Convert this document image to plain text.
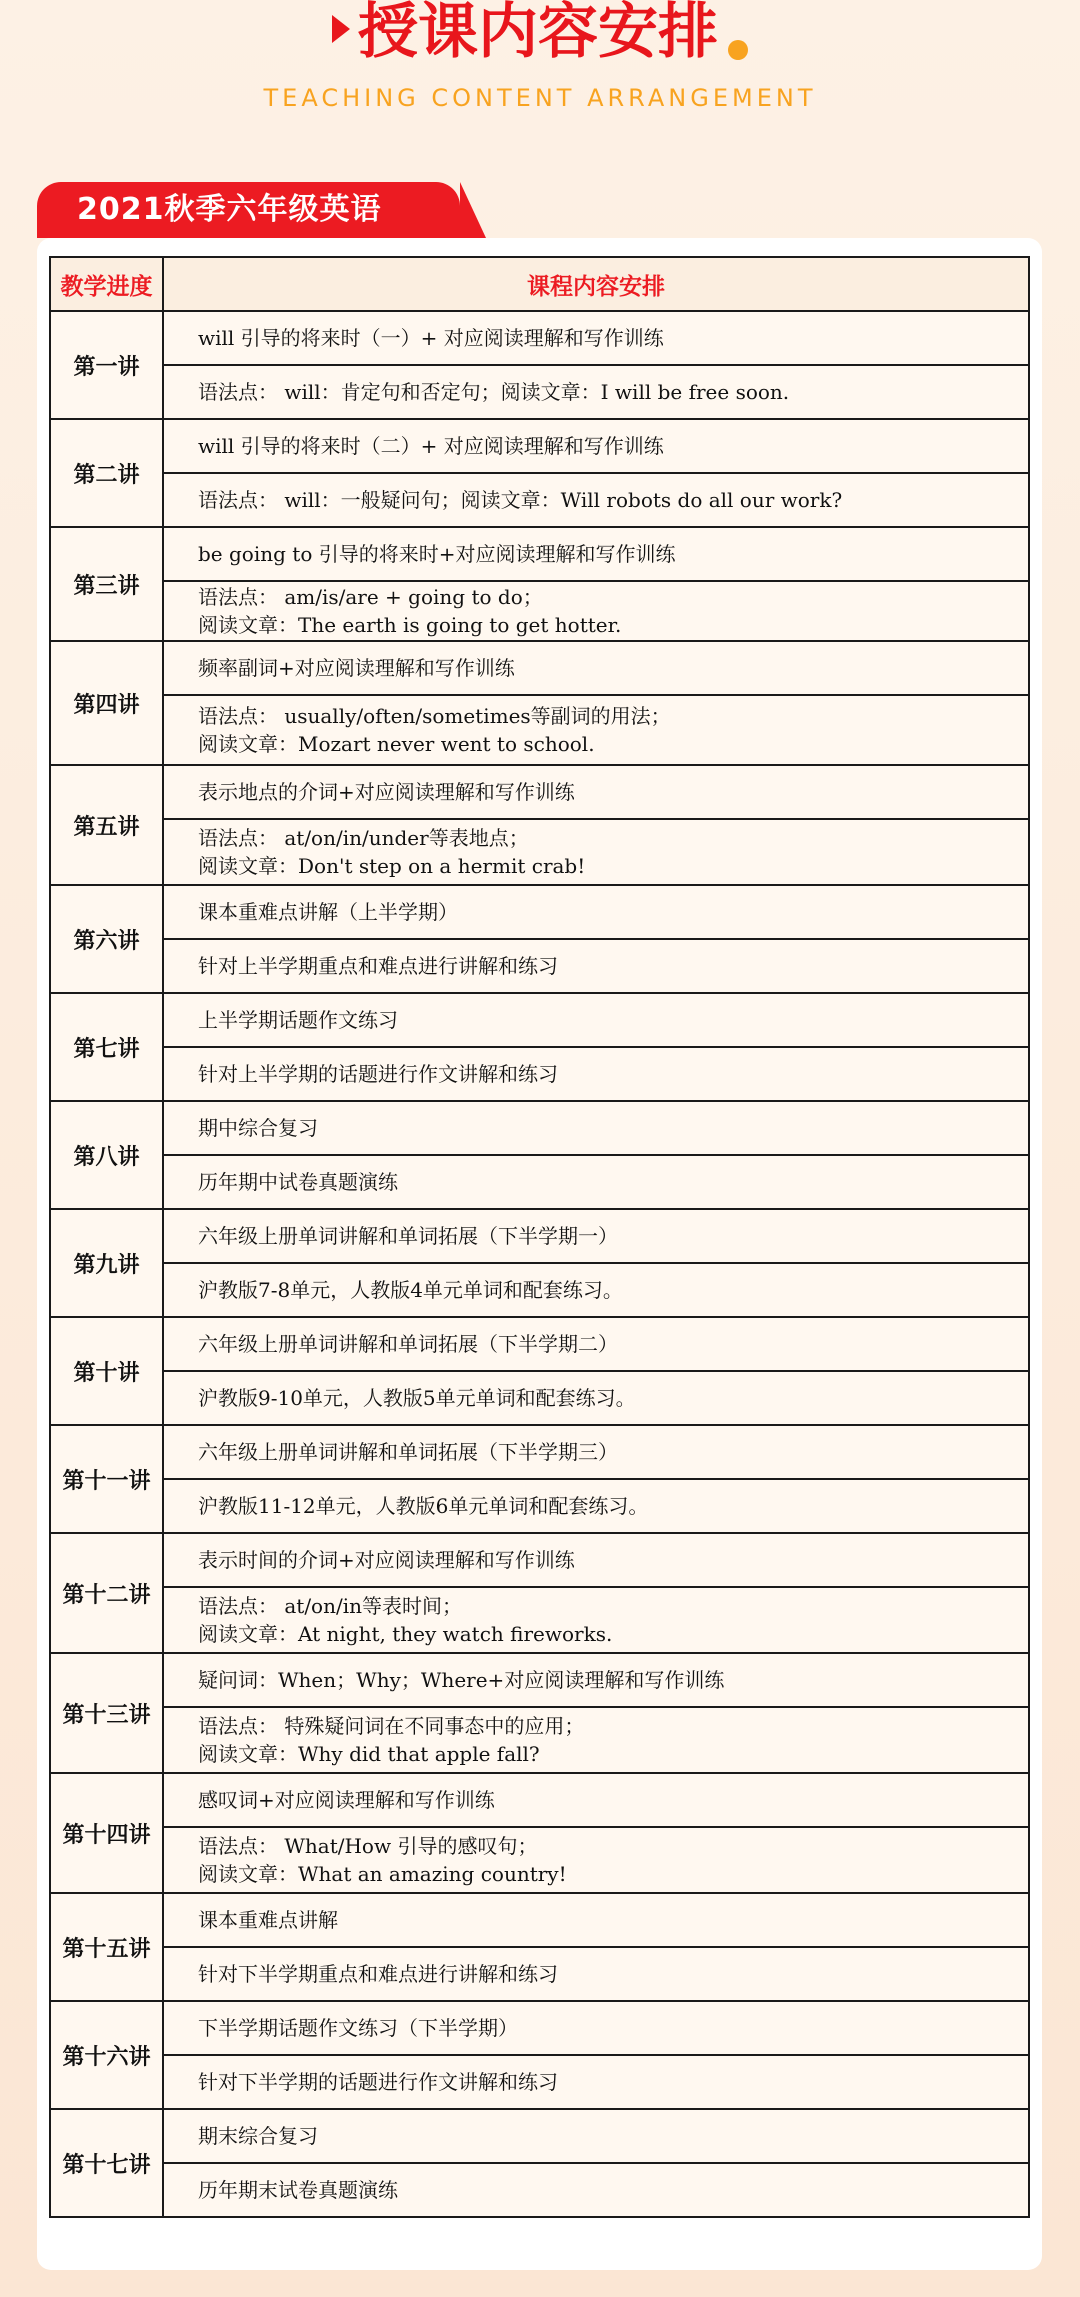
授课内容安排
TEACHING CONTENT ARRANGEMENT
2021秋季六年级英语
教学进度	课程内容安排
第一讲	will 引导的将来时（一）+ 对应阅读理解和写作训练

	语法点： will：肯定句和否定句；阅读文章：I will be free soon.

第二讲	will 引导的将来时（二）+ 对应阅读理解和写作训练

	语法点： will：一般疑问句；阅读文章：Will robots do all our work?

第三讲	be going to 引导的将来时+对应阅读理解和写作训练

	语法点： am/is/are + going to do；
阅读文章：The earth is going to get hotter.

第四讲	频率副词+对应阅读理解和写作训练

	语法点： usually/often/sometimes等副词的用法；
阅读文章：Mozart never went to school.

第五讲	表示地点的介词+对应阅读理解和写作训练

	语法点： at/on/in/under等表地点；
阅读文章：Don't step on a hermit crab!

第六讲	课本重难点讲解（上半学期）

	针对上半学期重点和难点进行讲解和练习

第七讲	上半学期话题作文练习

	针对上半学期的话题进行作文讲解和练习

第八讲	期中综合复习

	历年期中试卷真题演练

第九讲	六年级上册单词讲解和单词拓展（下半学期一）

	沪教版7-8单元，人教版4单元单词和配套练习。

第十讲	六年级上册单词讲解和单词拓展（下半学期二）

	沪教版9-10单元，人教版5单元单词和配套练习。

第十一讲	六年级上册单词讲解和单词拓展（下半学期三）

	沪教版11-12单元，人教版6单元单词和配套练习。

第十二讲	表示时间的介词+对应阅读理解和写作训练

	语法点： at/on/in等表时间；
阅读文章：At night, they watch fireworks.

第十三讲	疑问词：When；Why；Where+对应阅读理解和写作训练

	语法点： 特殊疑问词在不同事态中的应用；
阅读文章：Why did that apple fall?

第十四讲	感叹词+对应阅读理解和写作训练

	语法点： What/How 引导的感叹句；
阅读文章：What an amazing country!

第十五讲	课本重难点讲解

	针对下半学期重点和难点进行讲解和练习

第十六讲	下半学期话题作文练习（下半学期）

	针对下半学期的话题进行作文讲解和练习

第十七讲	期末综合复习

	历年期末试卷真题演练
